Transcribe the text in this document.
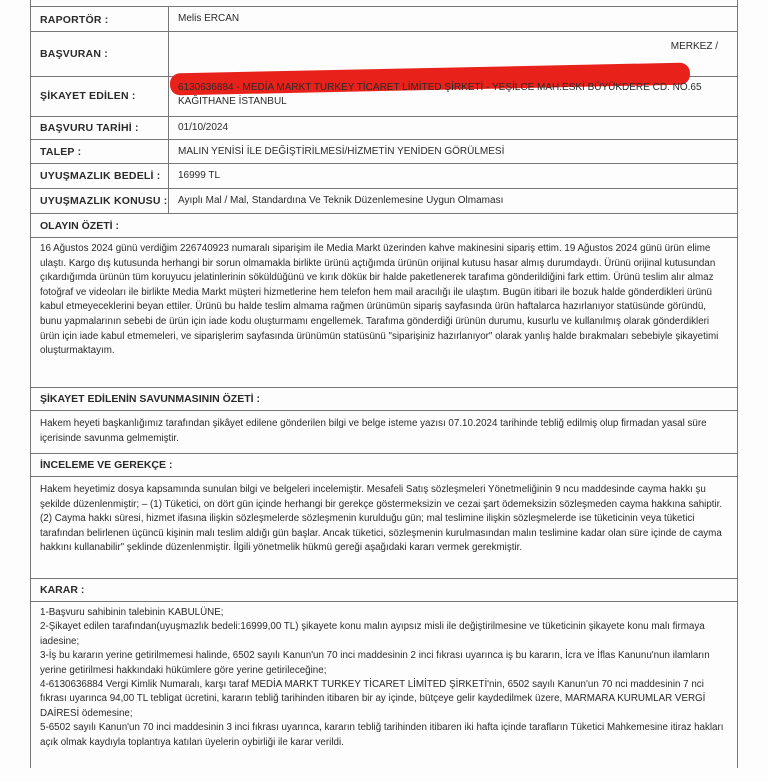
RAPORTÖR :	Melis ERCAN
BAŞVURAN :
MERKEZ /
ŞİKAYET EDİLEN :
6130636884 - MEDİA MARKT TURKEY TİCARET LİMİTED ŞİRKETİ - YEŞİLCE MAH.ESKİ BÜYÜKDERE CD. NO.65 KAĞITHANE İSTANBUL
BAŞVURU TARİHİ :	01/10/2024
TALEP :	MALIN YENİSİ İLE DEĞİŞTİRİLMESİ/HİZMETİN YENİDEN GÖRÜLMESİ
UYUŞMAZLIK BEDELİ : 16999 TL
UYUŞMAZLIK KONUSU : Ayıplı Mal / Mal, Standardına Ve Teknik Düzenlemesine Uygun Olmaması
OLAYIN ÖZETİ :
16 Ağustos 2024 günü verdiğim 226740923 numaralı siparişim ile Media Markt üzerinden kahve makinesini sipariş ettim. 19 Ağustos 2024 günü ürün elime ulaştı. Kargo dış kutusunda herhangi bir sorun olmamakla birlikte ürünü açtığımda ürünün orijinal kutusu hasar almış durumdaydı. Ürünü orijinal kutusundan çıkardığımda ürünün tüm koruyucu jelatinlerinin söküldüğünü ve kırık döküк bir halde paketlenerek tarafıma gönderildiğini fark ettim. Ürünü teslim alır almaz fotoğraf ve videoları ile birlikte Media Markt müşteri hizmetlerine hem telefon hem mail aracılığı ile ulaştım. Bugün itibari ile bozuk halde gönderdikleri ürünü kabul etmeyeceklerini beyan ettiler. Ürünü bu halde teslim almama rağmen ürünümün sipariş sayfasında ürün haftalarca hazırlanıyor statüsünde göründü, bunu yapmalarının sebebi de ürün için iade kodu oluşturmamı engellemek. Tarafıma gönderdiği ürünün durumu, kusurlu ve kullanılmış olarak gönderdikleri ürün için iade kabul etmemeleri, ve siparişlerim sayfasında ürünümün statüsünü "siparişiniz hazırlanıyor" olarak yanlış halde bırakmaları sebebiyle şikayetimi oluşturmaktayım.
ŞİKAYET EDİLENİN SAVUNMASININ ÖZETİ :
Hakem heyeti başkanlığımız tarafından şikâyet edilene gönderilen bilgi ve belge isteme yazısı 07.10.2024 tarihinde tebliğ edilmiş olup firmadan yasal süre içerisinde savunma gelmemiştir.
İNCELEME VE GEREKÇE :
Hakem heyetimiz dosya kapsamında sunulan bilgi ve belgeleri incelemiştir. Mesafeli Satış sözleşmeleri Yönetmeliğinin 9 ncu maddesinde cayma hakkı şu şekilde düzenlenmiştir; – (1) Tüketici, on dört gün içinde herhangi bir gerekçe göstermeksizin ve cezai şart ödemeksizin sözleşmeden cayma hakkına sahiptir. (2) Cayma hakkı süresi, hizmet ifasına ilişkin sözleşmelerde sözleşmenin kurulduğu gün; mal teslimine ilişkin sözleşmelerde ise tüketicinin veya tüketici tarafından belirlenen üçüncü kişinin malı teslim aldığı gün başlar. Ancak tüketici, sözleşmenin kurulmasından malın teslimine kadar olan süre içinde de cayma hakkını kullanabilir" şeklinde düzenlenmiştir. İlgili yönetmelik hükmü gereği aşağıdaki kararı vermek gerekmiştir.
KARAR :
1-Başvuru sahibinin talebinin KABULÜNE;
2-Şikayet edilen tarafından(uyuşmazlık bedeli:16999,00 TL) şikayete konu malın ayıpsız misli ile değiştirilmesine ve tüketicinin şikayete konu malı firmaya iadesine;
3-İş bu kararın yerine getirilmemesi halinde, 6502 sayılı Kanun'un 70 inci maddesinin 2 inci fıkrası uyarınca iş bu kararın, İcra ve İflas Kanunu'nun ilamların yerine getirilmesi hakkındaki hükümlere göre yerine getirileceğine;
4-6130636884 Vergi Kimlik Numaralı, karşı taraf MEDİA MARKT TURKEY TİCARET LİMİTED ŞİRKETİ'nin, 6502 sayılı Kanun'un 70 nci maddesinin 7 nci fıkrası uyarınca 94,00 TL tebligat ücretini, kararın tebliğ tarihinden itibaren bir ay içinde, bütçeye gelir kaydedilmek üzere, MARMARA KURUMLAR VERGİ DAİRESİ ödemesine;
5-6502 sayılı Kanun'un 70 inci maddesinin 3 inci fıkrası uyarınca, kararın tebliğ tarihinden itibaren iki hafta içinde tarafların Tüketici Mahkemesine itiraz hakları açık olmak kaydıyla toplantıya katılan üyelerin oybirliği ile karar verildi.
